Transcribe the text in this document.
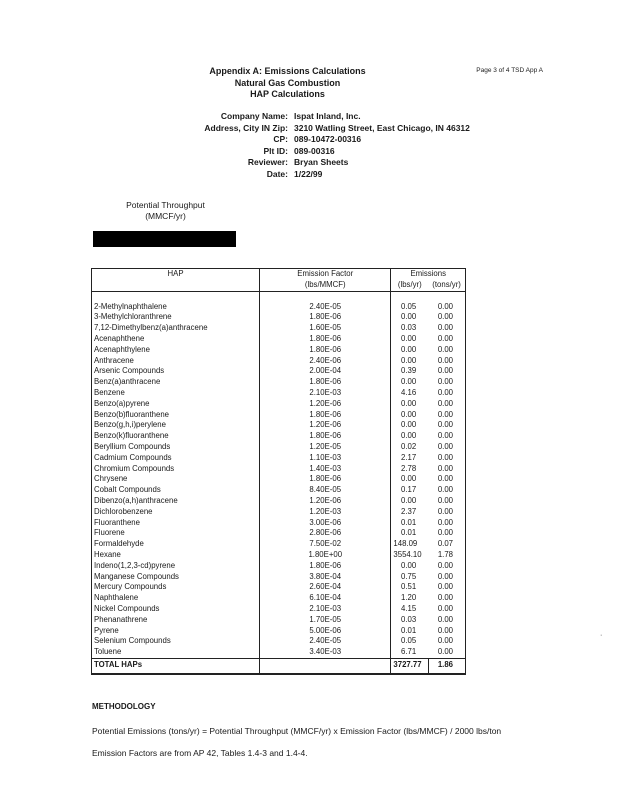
Appendix A: Emissions Calculations
Natural Gas Combustion
HAP Calculations
Page 3 of 4 TSD App A
Company Name: Ispat Inland, Inc.
Address, City IN Zip: 3210 Watling Street, East Chicago, IN 46312
CP: 089-10472-00316
Plt ID: 089-00316
Reviewer: Bryan Sheets
Date: 1/22/99
Potential Throughput
(MMCF/yr)
HAP	Emission Factor	Emissions	
	(lbs/MMCF)	(lbs/yr)	(tons/yr)

2-Methylnaphthalene	2.40E-05	0.05	0.00
3-Methylchloranthrene	1.80E-06	0.00	0.00
7,12-Dimethylbenz(a)anthracene	1.60E-05	0.03	0.00
Acenaphthene	1.80E-06	0.00	0.00
Acenaphthylene	1.80E-06	0.00	0.00
Anthracene	2.40E-06	0.00	0.00
Arsenic Compounds	2.00E-04	0.39	0.00
Benz(a)anthracene	1.80E-06	0.00	0.00
Benzene	2.10E-03	4.16	0.00
Benzo(a)pyrene	1.20E-06	0.00	0.00
Benzo(b)fluoranthene	1.80E-06	0.00	0.00
Benzo(g,h,i)perylene	1.20E-06	0.00	0.00
Benzo(k)fluoranthene	1.80E-06	0.00	0.00
Beryllium Compounds	1.20E-05	0.02	0.00
Cadmium Compounds	1.10E-03	2.17	0.00
Chromium Compounds	1.40E-03	2.78	0.00
Chrysene	1.80E-06	0.00	0.00
Cobalt Compounds	8.40E-05	0.17	0.00
Dibenzo(a,h)anthracene	1.20E-06	0.00	0.00
Dichlorobenzene	1.20E-03	2.37	0.00
Fluoranthene	3.00E-06	0.01	0.00
Fluorene	2.80E-06	0.01	0.00
Formaldehyde	7.50E-02	148.09	0.07
Hexane	1.80E+00	3554.10	1.78
Indeno(1,2,3-cd)pyrene	1.80E-06	0.00	0.00
Manganese Compounds	3.80E-04	0.75	0.00
Mercury Compounds	2.60E-04	0.51	0.00
Naphthalene	6.10E-04	1.20	0.00
Nickel Compounds	2.10E-03	4.15	0.00
Phenanathrene	1.70E-05	0.03	0.00
Pyrene	5.00E-06	0.01	0.00
Selenium Compounds	2.40E-05	0.05	0.00
Toluene	3.40E-03	6.71	0.00
TOTAL HAPs		3727.77	1.86
METHODOLOGY
Potential Emissions (tons/yr) = Potential Throughput (MMCF/yr) x Emission Factor (lbs/MMCF) / 2000 lbs/ton
Emission Factors are from AP 42, Tables 1.4-3 and 1.4-4.
·
